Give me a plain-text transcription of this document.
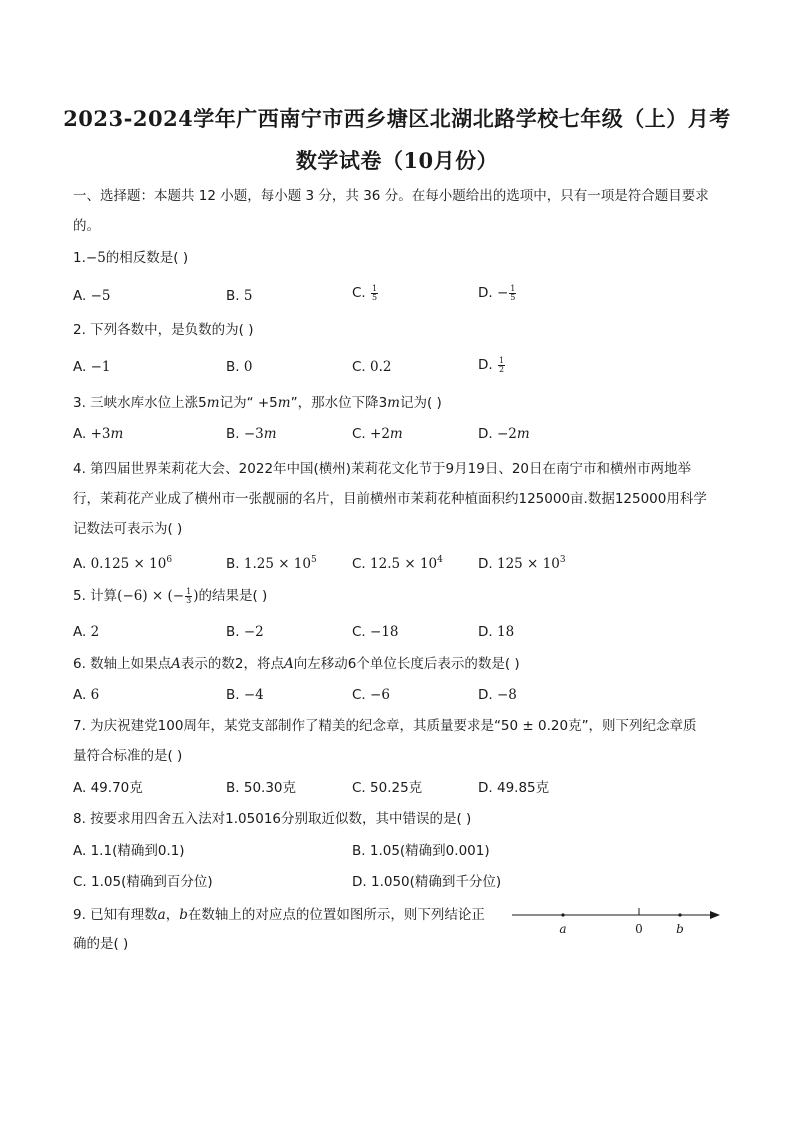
2023-2024学年广西南宁市西乡塘区北湖北路学校七年级（上）月考
数学试卷（10月份）
一、选择题：本题共 12 小题，每小题 3 分，共 36 分。在每小题给出的选项中，只有一项是符合题目要求
的。
1.−5的相反数是( )
A. −5	B. 5	C. $\frac{1}{5}$	D. − $\frac{1}{5}$
2. 下列各数中，是负数的为( )
A. −1	B. 0	C. 0.2	D. $\frac{1}{2}$
3. 三峡水库水位上涨5m记为“ +5m”，那水位下降3m记为( )
A. +3m	B. −3m	C. +2m	D. −2m
4. 第四届世界茉莉花大会、2022年中国(横州)茉莉花文化节于9月19日、20日在南宁市和横州市两地举
行，茉莉花产业成了横州市一张靓丽的名片，目前横州市茉莉花种植面积约125000亩.数据125000用科学
记数法可表示为( )
A. $0.125 \times 10^6$	B. $1.25 \times 10^5$	C. $12.5 \times 10^4$	D. $125 \times 10^3$
5. 计算(−6) × (− $\frac{1}{3}$ )的结果是( )
A. 2	B. −2	C. −18	D. 18
6. 数轴上如果点A表示的数2，将点A向左移动6个单位长度后表示的数是( )
A. 6	B. −4	C. −6	D. −8
7. 为庆祝建党100周年，某党支部制作了精美的纪念章，其质量要求是“50 ± 0.20克”，则下列纪念章质
量符合标准的是( )
A. 49.70克	B. 50.30克	C. 50.25克	D. 49.85克
8. 按要求用四舍五入法对1.05016分别取近似数，其中错误的是( )
A. 1.1(精确到0.1)	B. 1.05(精确到0.001)
C. 1.05(精确到百分位)	D. 1.050(精确到千分位)
9. 已知有理数a，b在数轴上的对应点的位置如图所示，则下列结论正
确的是( )
a	0	b
